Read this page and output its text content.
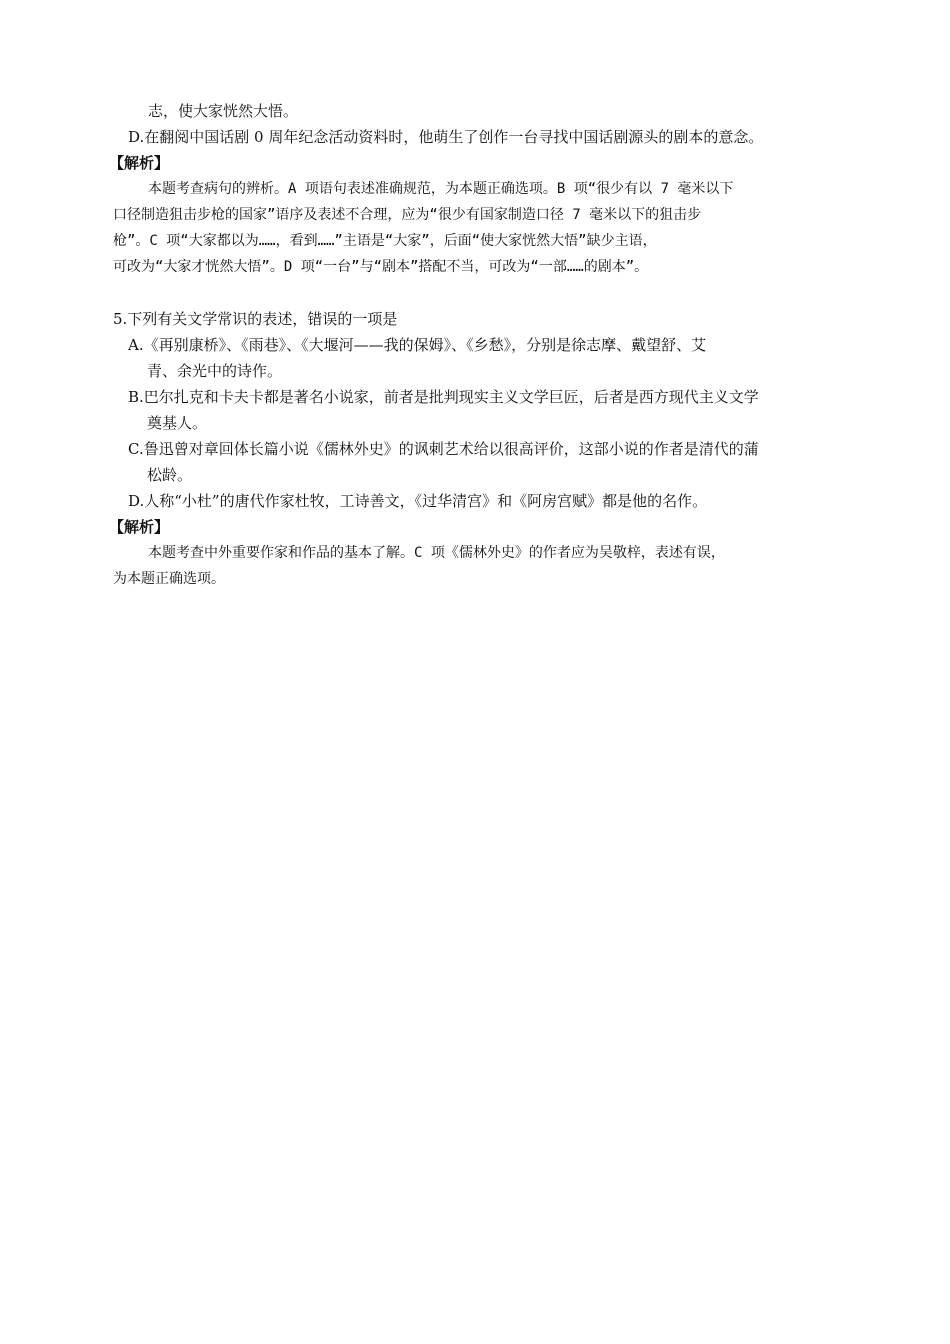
志，使大家恍然大悟。
D.在翻阅中国话剧 0 周年纪念活动资料时，他萌生了创作一台寻找中国话剧源头的剧本的意念。
【解析】
本题考查病句的辨析。A 项语句表述准确规范，为本题正确选项。B 项“很少有以 7 毫米以下
口径制造狙击步枪的国家”语序及表述不合理，应为“很少有国家制造口径 7 毫米以下的狙击步
枪”。C 项“大家都以为……，看到……”主语是“大家”，后面“使大家恍然大悟”缺少主语，
可改为“大家才恍然大悟”。D 项“一台”与“剧本”搭配不当，可改为“一部……的剧本”。
5.下列有关文学常识的表述，错误的一项是
A.《再别康桥》、《雨巷》、《大堰河——我的保姆》、《乡愁》，分别是徐志摩、戴望舒、艾
青、余光中的诗作。
B.巴尔扎克和卡夫卡都是著名小说家，前者是批判现实主义文学巨匠，后者是西方现代主义文学
奠基人。
C.鲁迅曾对章回体长篇小说《儒林外史》的讽刺艺术给以很高评价，这部小说的作者是清代的蒲
松龄。
D.人称“小杜”的唐代作家杜牧，工诗善文，《过华清宫》和《阿房宫赋》都是他的名作。
【解析】
本题考查中外重要作家和作品的基本了解。C 项《儒林外史》的作者应为吴敬梓，表述有误，
为本题正确选项。
